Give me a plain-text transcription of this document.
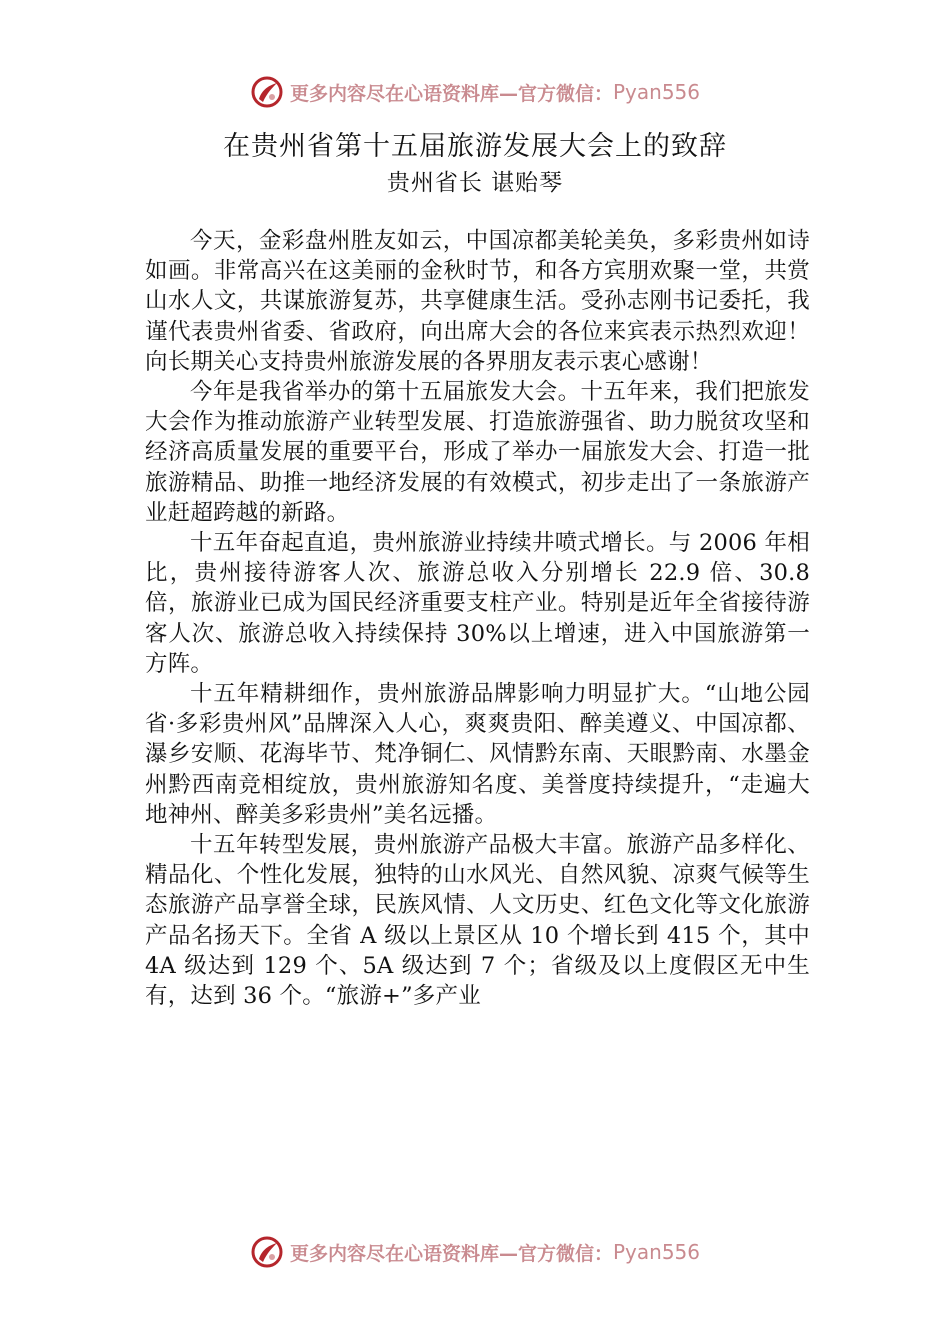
更多内容尽在心语资料库—官方微信： Pyan556
在贵州省第十五届旅游发展大会上的致辞
贵州省长 谌贻琴

今天，金彩盘州胜友如云，中国凉都美轮美奂，多彩贵州如诗如画。非常高兴在这美丽的金秋时节，和各方宾朋欢聚一堂，共赏山水人文，共谋旅游复苏，共享健康生活。受孙志刚书记委托，我谨代表贵州省委、省政府，向出席大会的各位来宾表示热烈欢迎！向长期关心支持贵州旅游发展的各界朋友表示衷心感谢！

今年是我省举办的第十五届旅发大会。十五年来，我们把旅发大会作为推动旅游产业转型发展、打造旅游强省、助力脱贫攻坚和经济高质量发展的重要平台，形成了举办一届旅发大会、打造一批旅游精品、助推一地经济发展的有效模式，初步走出了一条旅游产业赶超跨越的新路。

十五年奋起直追，贵州旅游业持续井喷式增长。与 2006 年相比，贵州接待游客人次、旅游总收入分别增长 22.9 倍、30.8 倍，旅游业已成为国民经济重要支柱产业。特别是近年全省接待游客人次、旅游总收入持续保持 30%以上增速，进入中国旅游第一方阵。

十五年精耕细作，贵州旅游品牌影响力明显扩大。“山地公园省·多彩贵州风”品牌深入人心，爽爽贵阳、醉美遵义、中国凉都、瀑乡安顺、花海毕节、梵净铜仁、风情黔东南、天眼黔南、水墨金州黔西南竞相绽放，贵州旅游知名度、美誉度持续提升，“走遍大地神州、醉美多彩贵州”美名远播。

十五年转型发展，贵州旅游产品极大丰富。旅游产品多样化、精品化、个性化发展，独特的山水风光、自然风貌、凉爽气候等生态旅游产品享誉全球，民族风情、人文历史、红色文化等文化旅游产品名扬天下。全省 A 级以上景区从 10 个增长到 415 个，其中 4A 级达到 129 个、5A 级达到 7 个；省级及以上度假区无中生有，达到 36 个。“旅游+”多产业

更多内容尽在心语资料库—官方微信： Pyan556
